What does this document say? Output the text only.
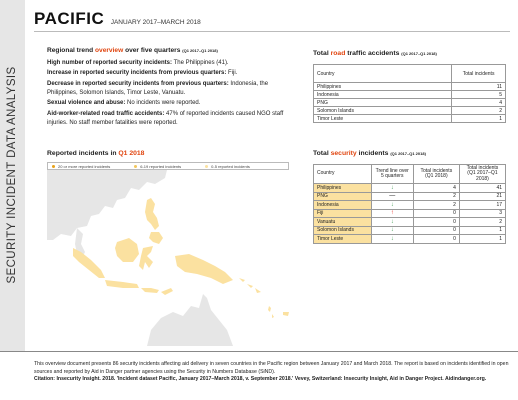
SECURITY INCIDENT DATA ANALYSIS
PACIFIC JANUARY 2017–MARCH 2018
Regional trend overview over five quarters (Q1 2017–Q1 2018)

High number of reported security incidents: The Philippines (41).

Increase in reported security incidents from previous quarters: Fiji.

Decrease in reported security incidents from previous quarters: Indonesia, the Philippines, Solomon Islands, Timor Leste, Vanuatu.

Sexual violence and abuse: No incidents were reported.

Aid-worker-related road traffic accidents: 47% of reported incidents caused NGO staff injuries. No staff member fatalities were reported.

Total road traffic accidents (Q1 2017–Q1 2018)
Country	Total incidents
Philippines	11
Indonesia	5
PNG	4
Solomon Islands	2
Timor Leste	1
Reported incidents in Q1 2018
20 or more reported incidents	6-19 reported incidents	0-5 reported incidents
Total security incidents (Q1 2017–Q1 2018)
Country	Trend line over 5 quarters	Total incidents (Q1 2018)	Total incidents (Q1 2017–Q1 2018)
Philippines	↓	4	41
PNG	—	2	21
Indonesia	↓	2	17
Fiji	↑	0	3
Vanuatu	↓	0	2
Solomon Islands	↓	0	1
Timor Leste	↓	0	1

This overview document presents 86 security incidents affecting aid delivery in seven countries in the Pacific region between January 2017 and March 2018. The report is based on incidents identified in open sources and reported by Aid in Danger partner agencies using the Security in Numbers Database (SiND).

Citation: Insecurity Insight. 2018. 'Incident dataset Pacific, January 2017–March 2018, v. September 2018.' Vevey, Switzerland: Insecurity Insight, Aid in Danger Project. Aidindanger.org.
